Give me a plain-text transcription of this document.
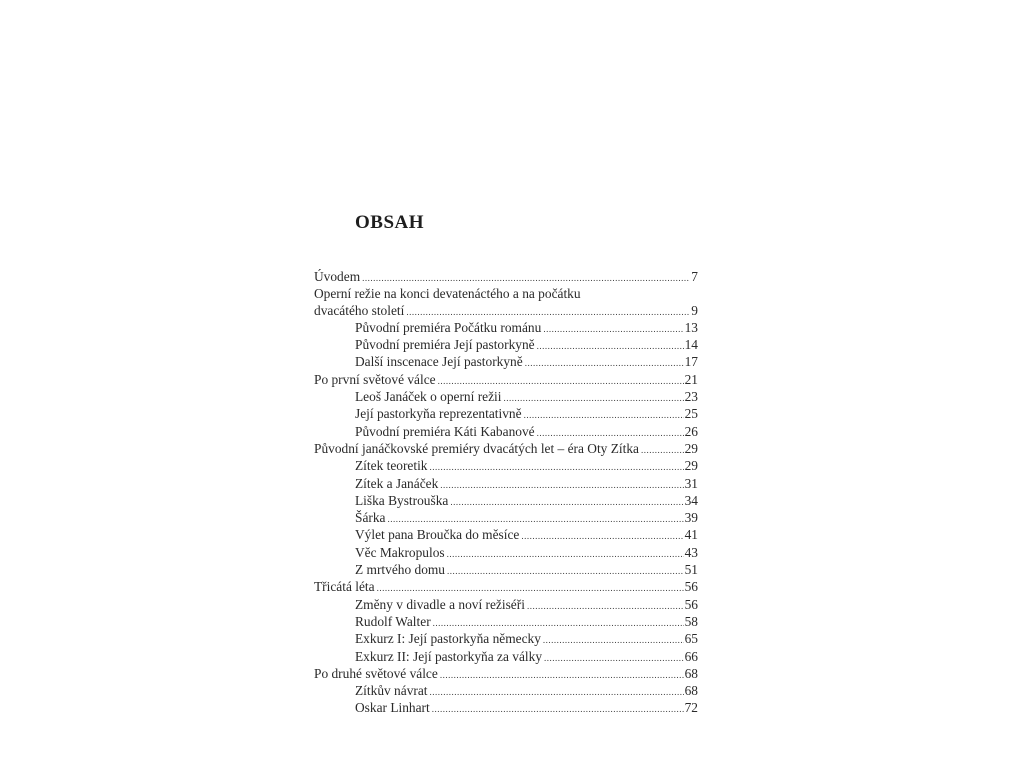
OBSAH
Úvodem .....	7
Operní režie na konci devatenáctého a na počátku
dvacátého století .....	9
Původní premiéra Počátku románu .....	13
Původní premiéra Její pastorkyně .....	14
Další inscenace Její pastorkyně .....	17
Po první světové válce .....	21
Leoš Janáček o operní režii .....	23
Její pastorkyňa reprezentativně .....	25
Původní premiéra Káti Kabanové .....	26
Původní janáčkovské premiéry dvacátých let – éra Oty Zítka .....	29
Zítek teoretik .....	29
Zítek a Janáček .....	31
Liška Bystrouška .....	34
Šárka .....	39
Výlet pana Broučka do měsíce .....	41
Věc Makropulos .....	43
Z mrtvého domu .....	51
Třicátá léta .....	56
Změny v divadle a noví režiséři .....	56
Rudolf Walter .....	58
Exkurz I: Její pastorkyňa německy .....	65
Exkurz II: Její pastorkyňa za války .....	66
Po druhé světové válce .....	68
Zítkův návrat .....	68
Oskar Linhart .....	72
